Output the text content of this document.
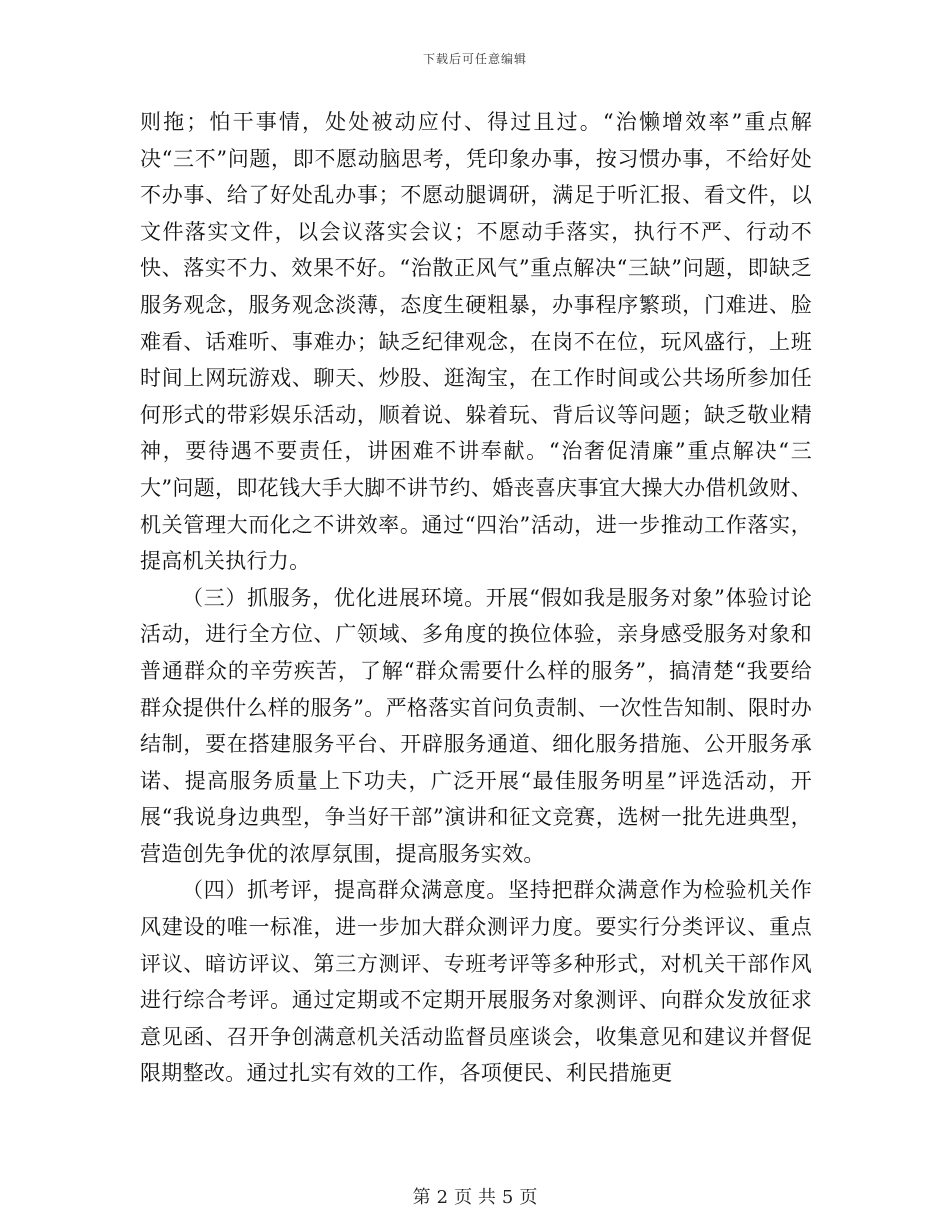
下载后可任意编辑

则拖；怕干事情，处处被动应付、得过且过。“治懒增效率”重点解决“三不”问题，即不愿动脑思考，凭印象办事，按习惯办事，不给好处不办事、给了好处乱办事；不愿动腿调研，满足于听汇报、看文件，以文件落实文件，以会议落实会议；不愿动手落实，执行不严、行动不快、落实不力、效果不好。“治散正风气”重点解决“三缺”问题，即缺乏服务观念，服务观念淡薄，态度生硬粗暴，办事程序繁琐，门难进、脸难看、话难听、事难办；缺乏纪律观念，在岗不在位，玩风盛行，上班时间上网玩游戏、聊天、炒股、逛淘宝，在工作时间或公共场所参加任何形式的带彩娱乐活动，顺着说、躲着玩、背后议等问题；缺乏敬业精神，要待遇不要责任，讲困难不讲奉献。“治奢促清廉”重点解决“三大”问题，即花钱大手大脚不讲节约、婚丧喜庆事宜大操大办借机敛财、机关管理大而化之不讲效率。通过“四治”活动，进一步推动工作落实，提高机关执行力。

（三）抓服务，优化进展环境。开展“假如我是服务对象”体验讨论活动，进行全方位、广领域、多角度的换位体验，亲身感受服务对象和普通群众的辛劳疾苦，了解“群众需要什么样的服务”，搞清楚“我要给群众提供什么样的服务”。严格落实首问负责制、一次性告知制、限时办结制，要在搭建服务平台、开辟服务通道、细化服务措施、公开服务承诺、提高服务质量上下功夫，广泛开展“最佳服务明星”评选活动，开展“我说身边典型，争当好干部”演讲和征文竞赛，选树一批先进典型，营造创先争优的浓厚氛围，提高服务实效。

（四）抓考评，提高群众满意度。坚持把群众满意作为检验机关作风建设的唯一标准，进一步加大群众测评力度。要实行分类评议、重点评议、暗访评议、第三方测评、专班考评等多种形式，对机关干部作风进行综合考评。通过定期或不定期开展服务对象测评、向群众发放征求意见函、召开争创满意机关活动监督员座谈会，收集意见和建议并督促限期整改。通过扎实有效的工作，各项便民、利民措施更

第 2 页 共 5 页
